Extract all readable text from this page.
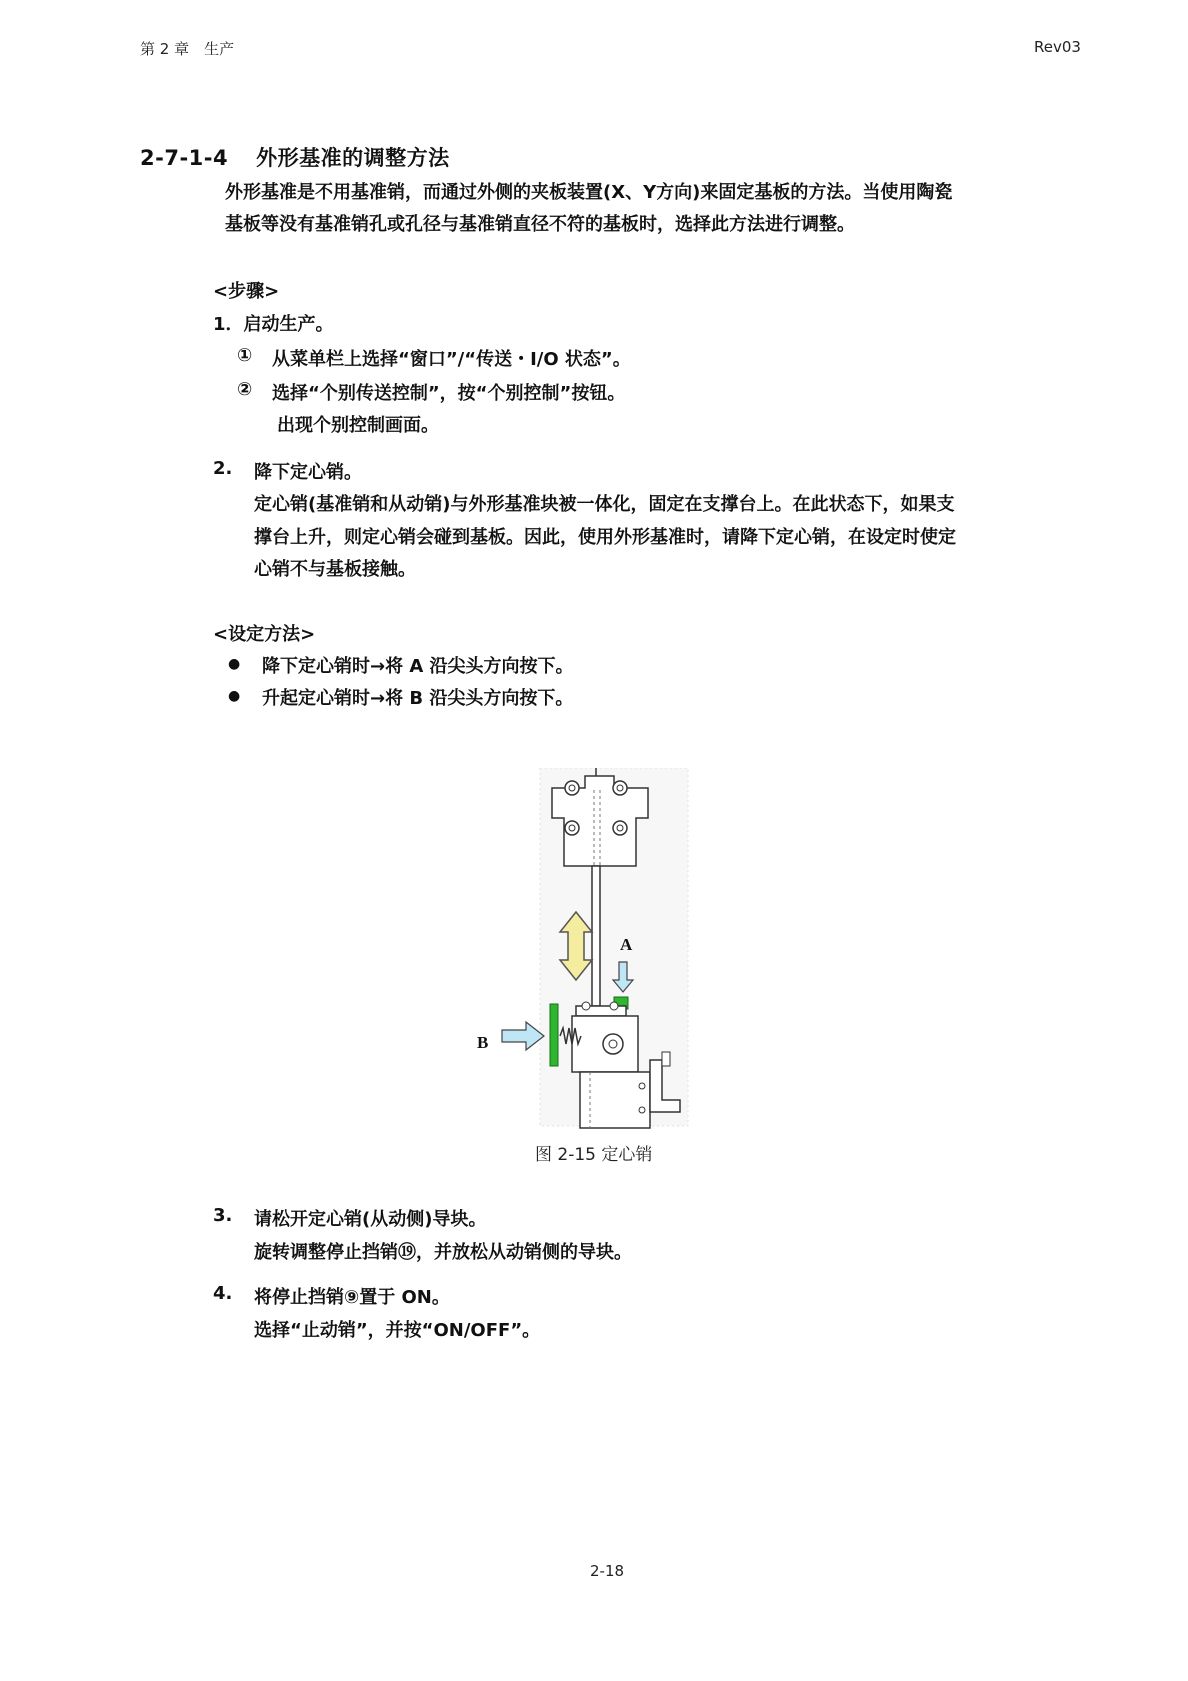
第 2 章　生产	Rev03
2-7-1-4 外形基准的调整方法
外形基准是不用基准销，而通过外侧的夹板装置(X、Y方向)来固定基板的方法。当使用陶瓷
基板等没有基准销孔或孔径与基准销直径不符的基板时，选择此方法进行调整。
<步骤>
1．启动生产。
① 从菜单栏上选择“窗口”/“传送・I/O 状态”。
② 选择“个别传送控制”，按“个别控制”按钮。
出现个别控制画面。
2. 降下定心销。
定心销(基准销和从动销)与外形基准块被一体化，固定在支撑台上。在此状态下，如果支
撑台上升，则定心销会碰到基板。因此，使用外形基准时，请降下定心销，在设定时使定
心销不与基板接触。
<设定方法>
● 降下定心销时→将 A 沿尖头方向按下。
● 升起定心销时→将 B 沿尖头方向按下。
A
B
图 2-15 定心销
3. 请松开定心销(从动侧)导块。
旋转调整停止挡销⑲，并放松从动销侧的导块。
4. 将停止挡销⑨置于 ON。
选择“止动销”，并按“ON/OFF”。
2-18
